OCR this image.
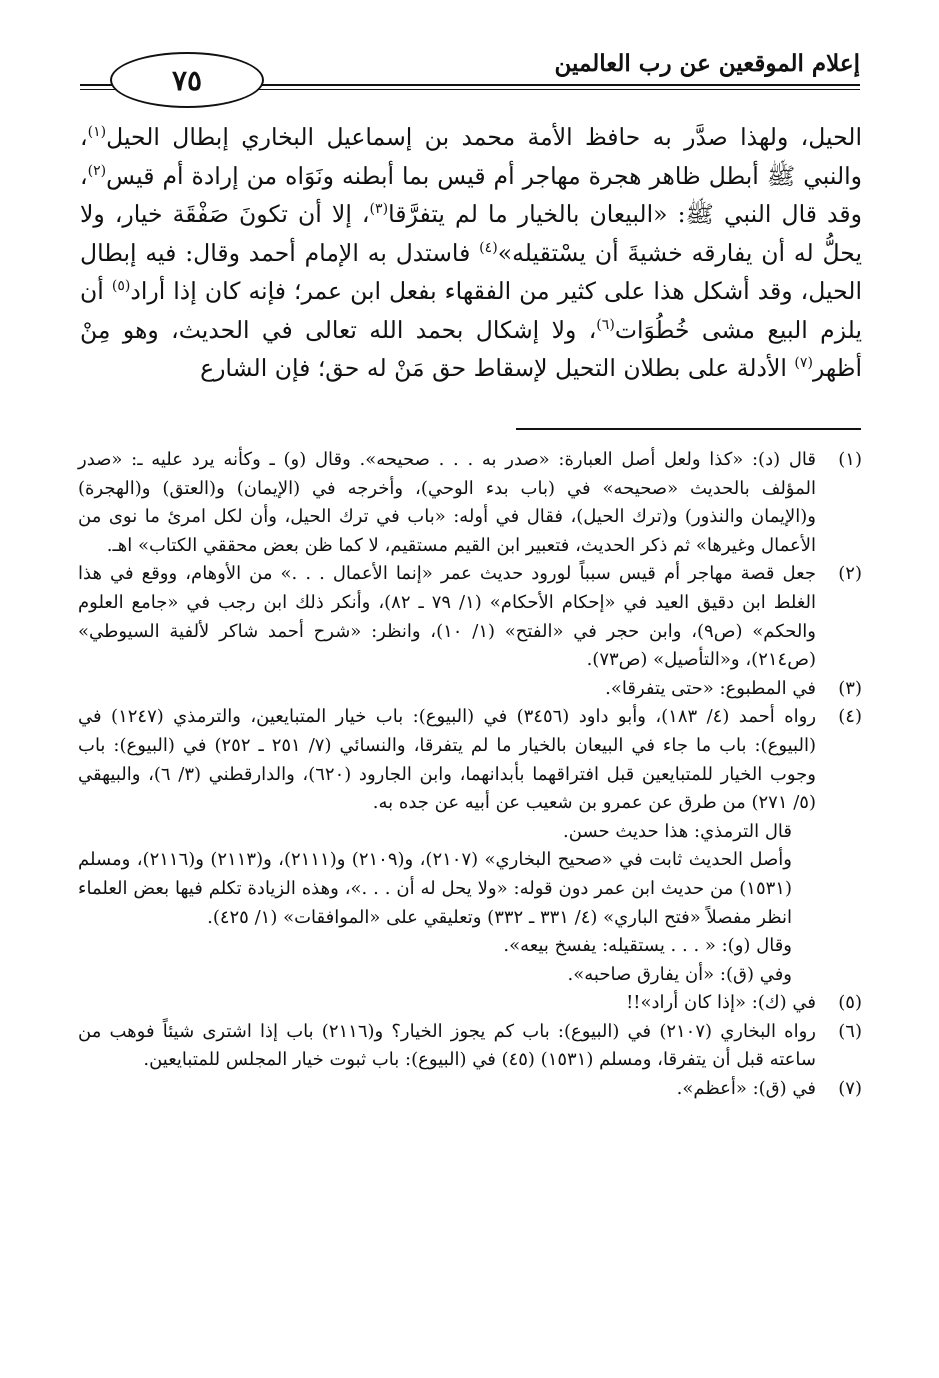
إعلام الموقعين عن رب العالمين
٧٥

الحيل، ولهذا صدَّر به حافظ الأمة محمد بن إسماعيل البخاري إبطال الحيل$^{(١)}$، والنبي ﷺ أبطل ظاهر هجرة مهاجر أم قيس بما أبطنه ونَوَاه من إرادة أم قيس$^{(٢)}$، وقد قال النبي ﷺ: «البيعان بالخيار ما لم يتفرَّقا$^{(٣)}$، إلا أن تكونَ صَفْقَة خيار، ولا يحلُّ له أن يفارقه خشيةَ أن يسْتقيله»$^{(٤)}$ فاستدل به الإمام أحمد وقال: فيه إبطال الحيل، وقد أشكل هذا على كثير من الفقهاء بفعل ابن عمر؛ فإنه كان إذا أراد$^{(٥)}$ أن يلزم البيع مشى خُطُوَات$^{(٦)}$، ولا إشكال بحمد الله تعالى في الحديث، وهو مِنْ أظهر$^{(٧)}$ الأدلة على بطلان التحيل لإسقاط حق مَنْ له حق؛ فإن الشارع

(١)
قال (د): «كذا ولعل أصل العبارة: «صدر به . . . صحيحه». وقال (و) ـ وكأنه يرد عليه ـ: «صدر المؤلف بالحديث «صحيحه» في (باب بدء الوحي)، وأخرجه في (الإيمان) و(العتق) و(الهجرة) و(الإيمان والنذور) و(ترك الحيل)، فقال في أوله: «باب في ترك الحيل، وأن لكل امرئ ما نوى من الأعمال وغيرها» ثم ذكر الحديث، فتعبير ابن القيم مستقيم، لا كما ظن بعض محققي الكتاب» اهـ.
(٢)
جعل قصة مهاجر أم قيس سبباً لورود حديث عمر «إنما الأعمال . . .» من الأوهام، ووقع في هذا الغلط ابن دقيق العيد في «إحكام الأحكام» (١/ ٧٩ ـ ٨٢)، وأنكر ذلك ابن رجب في «جامع العلوم والحكم» (ص٩)، وابن حجر في «الفتح» (١/ ١٠)، وانظر: «شرح أحمد شاكر لألفية السيوطي» (ص٢١٤)، و«التأصيل» (ص٧٣).
(٣)
في المطبوع: «حتى يتفرقا».
(٤)

رواه أحمد (٤/ ١٨٣)، وأبو داود (٣٤٥٦) في (البيوع): باب خيار المتبايعين، والترمذي (١٢٤٧) في (البيوع): باب ما جاء في البيعان بالخيار ما لم يتفرقا، والنسائي (٧/ ٢٥١ ـ ٢٥٢) في (البيوع): باب وجوب الخيار للمتبايعين قبل افتراقهما بأبدانهما، وابن الجارود (٦٢٠)، والدارقطني (٣/ ٦)، والبيهقي (٥/ ٢٧١) من طرق عن عمرو بن شعيب عن أبيه عن جده به.

قال الترمذي: هذا حديث حسن.

وأصل الحديث ثابت في «صحيح البخاري» (٢١٠٧)، و(٢١٠٩) و(٢١١١)، و(٢١١٣) و(٢١١٦)، ومسلم (١٥٣١) من حديث ابن عمر دون قوله: «ولا يحل له أن . . .»، وهذه الزيادة تكلم فيها بعض العلماء انظر مفصلاً «فتح الباري» (٤/ ٣٣١ ـ ٣٣٢) وتعليقي على «الموافقات» (١/ ٤٢٥).

وقال (و): « . . . يستقيله: يفسخ بيعه».

وفي (ق): «أن يفارق صاحبه».

(٥)
في (ك): «إذا كان أراد»!!
(٦)
رواه البخاري (٢١٠٧) في (البيوع): باب كم يجوز الخيار؟ و(٢١١٦) باب إذا اشترى شيئاً فوهب من ساعته قبل أن يتفرقا، ومسلم (١٥٣١) (٤٥) في (البيوع): باب ثبوت خيار المجلس للمتبايعين.
(٧)
في (ق): «أعظم».
